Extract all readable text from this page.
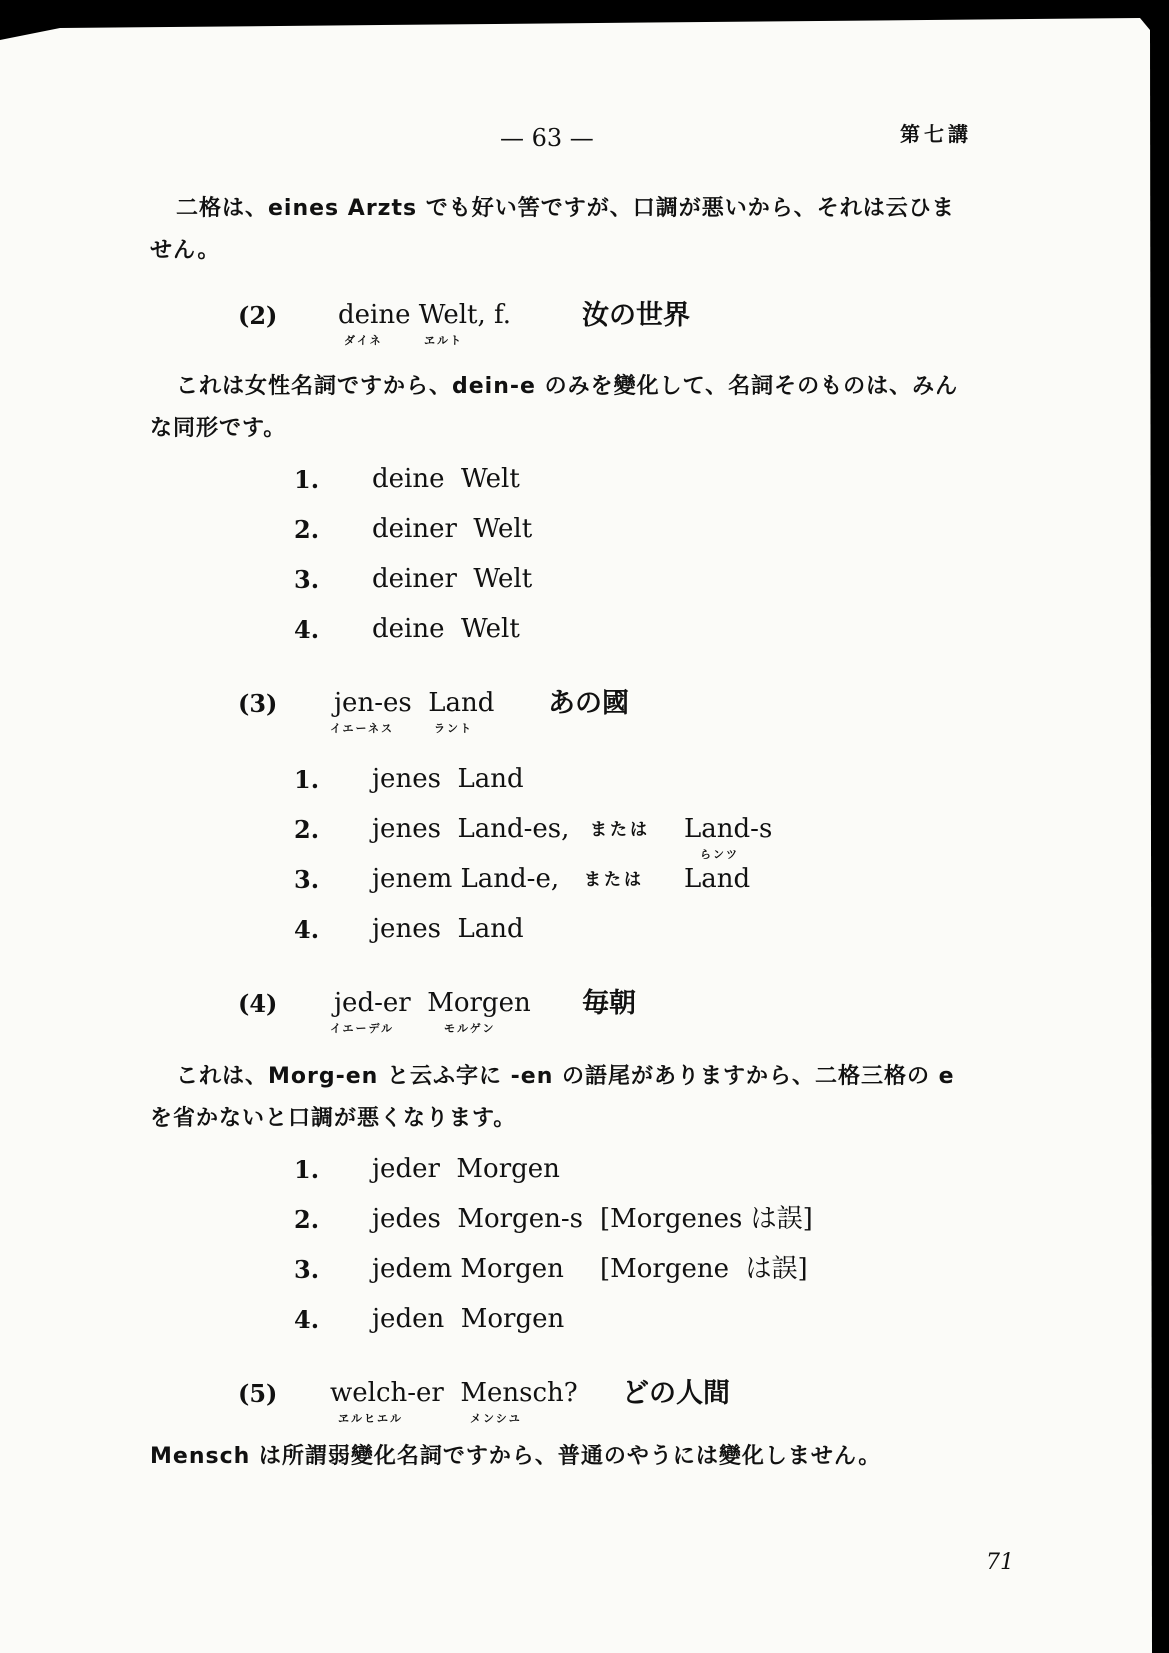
— 63 —	第七講
二格は、eines Arzts でも好い筈ですが、口調が悪いから、それは云ひま
せん。
(2) deine Welt, f.
ダイネ	ヱルト
汝の世界
これは女性名詞ですから、dein-e のみを變化して、名詞そのものは、みん
な同形です。
1. deine  Welt
2. deiner  Welt
3. deiner  Welt
4. deine  Welt
(3) jen-es  Land
イエーネス	ラント
あの國
1. jenes  Land
2. jenes  Land-es, または Land-s
らンツ
3. jenem Land-e, または Land
4. jenes  Land
(4) jed-er  Morgen
イエーデル	モルゲン
毎朝
これは、Morg-en と云ふ字に -en の語尾がありますから、二格三格の e
を省かないと口調が悪くなります。
1. jeder  Morgen
2. jedes  Morgen-s [Morgenes は誤]
3. jedem Morgen [Morgene  は誤]
4. jeden  Morgen
(5) welch-er  Mensch?
ヱルヒエル	メンシユ
どの人間
Mensch は所謂弱變化名詞ですから、普通のやうには變化しません。
71
